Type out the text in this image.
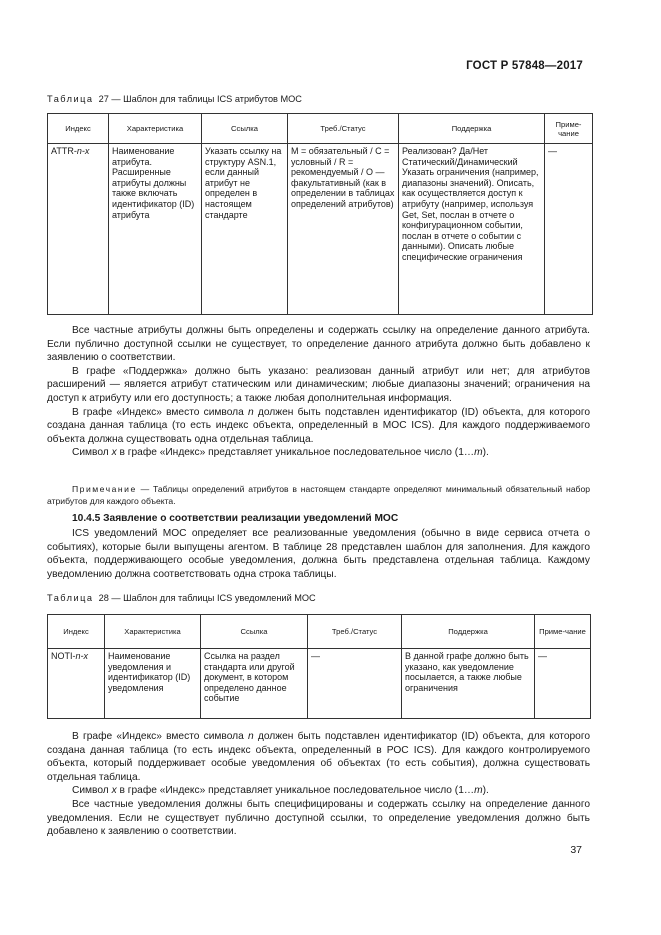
ГОСТ Р 57848—2017
Таблица 27 — Шаблон для таблицы ICS атрибутов МОС
Индекс	Характеристика	Ссылка	Треб./Статус	Поддержка	Приме-чание
ATTR-n-x	Наименование атрибута. Расширенные атрибуты должны также включать идентификатор (ID) атрибута	Указать ссылку на структуру ASN.1, если данный атрибут не определен в настоящем стандарте	М = обязательный / С = условный / R = рекомендуемый / О — факультативный (как в определении в таблицах определений атрибутов)	Реализован? Да/Нет Статический/Динамический Указать ограничения (например, диапазоны значений). Описать, как осуществляется доступ к атрибуту (например, используя Get, Set, послан в отчете о конфигурационном событии, послан в отчете о событии с данными). Описать любые специфические ограничения	—

Все частные атрибуты должны быть определены и содержать ссылку на определение данного атрибута. Если публично доступной ссылки не существует, то определение данного атрибута должно быть добавлено к заявлению о соответствии.

В графе «Поддержка» должно быть указано: реализован данный атрибут или нет; для атрибутов расширений — является атрибут статическим или динамическим; любые диапазоны значений; ограничения на доступ к атрибуту или его доступность; а также любая дополнительная информация.

В графе «Индекс» вместо символа n должен быть подставлен идентификатор (ID) объекта, для которого создана данная таблица (то есть индекс объекта, определенный в МОС ICS). Для каждого поддерживаемого объекта должна существовать одна отдельная таблица.

Символ x в графе «Индекс» представляет уникальное последовательное число (1…m).

Примечание — Таблицы определений атрибутов в настоящем стандарте определяют минимальный обязательный набор атрибутов для каждого объекта.
10.4.5 Заявление о соответствии реализации уведомлений МОС

ICS уведомлений МОС определяет все реализованные уведомления (обычно в виде сервиса отчета о событиях), которые были выпущены агентом. В таблице 28 представлен шаблон для заполнения. Для каждого объекта, поддерживающего особые уведомления, должна быть представлена отдельная таблица. Каждому уведомлению должна соответствовать одна строка таблицы.

Таблица 28 — Шаблон для таблицы ICS уведомлений МОС
Индекс	Характеристика	Ссылка	Треб./Статус	Поддержка	Приме-чание
NOTI-n-x	Наименование уведомления и идентификатор (ID) уведомления	Ссылка на раздел стандарта или другой документ, в котором определено данное событие	—	В данной графе должно быть указано, как уведомление посылается, а также любые ограничения	—

В графе «Индекс» вместо символа n должен быть подставлен идентификатор (ID) объекта, для которого создана данная таблица (то есть индекс объекта, определенный в РОС ICS). Для каждого контролируемого объекта, который поддерживает особые уведомления об объектах (то есть события), должна существовать отдельная таблица.

Символ x в графе «Индекс» представляет уникальное последовательное число (1…m).

Все частные уведомления должны быть специфицированы и содержать ссылку на определение данного уведомления. Если не существует публично доступной ссылки, то определение уведомления должно быть добавлено к заявлению о соответствии.

37
